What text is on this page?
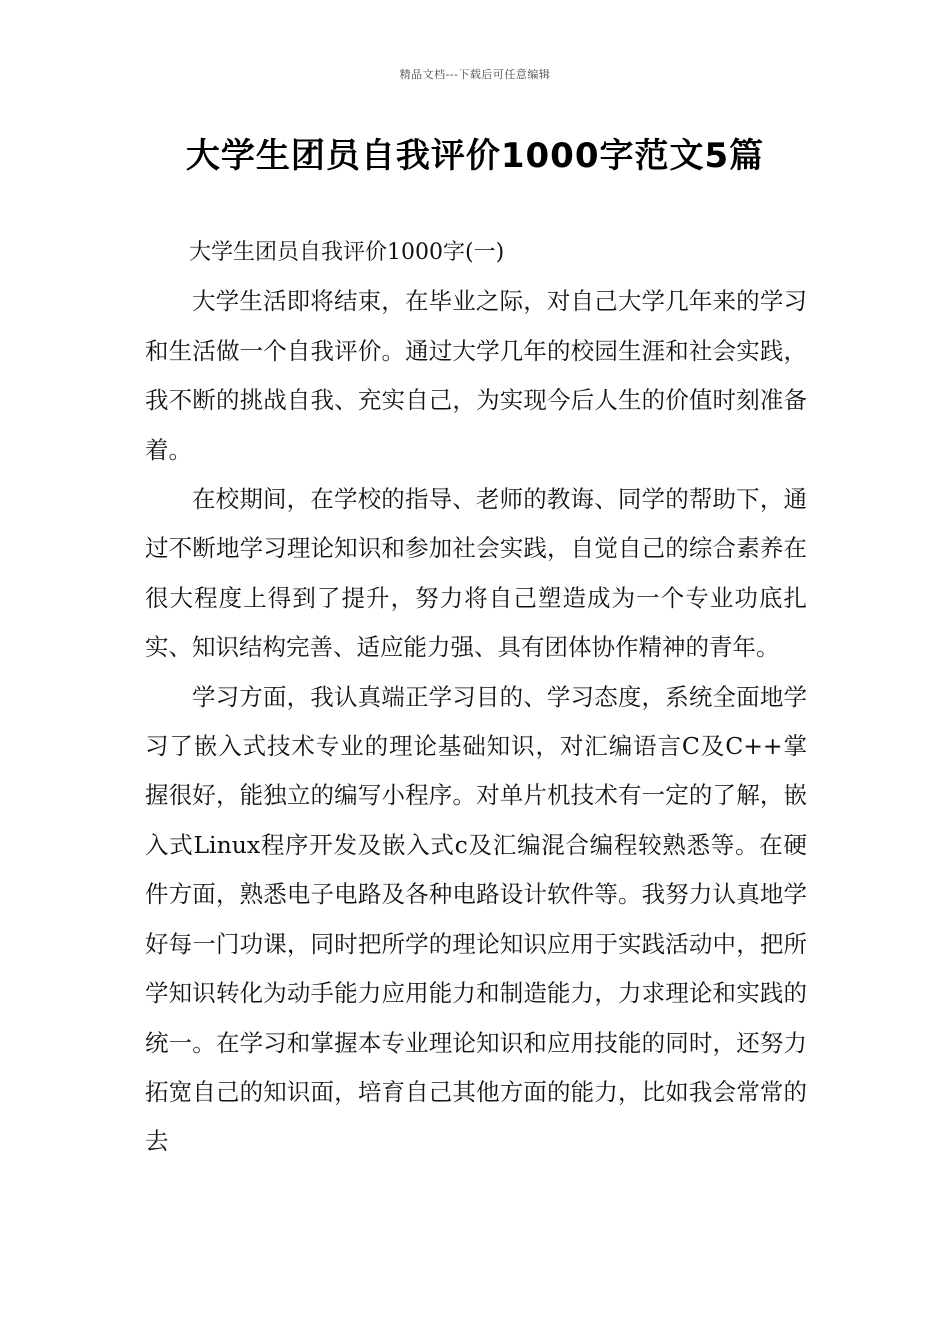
精品文档---下载后可任意编辑
大学生团员自我评价1000字范文5篇

大学生团员自我评价1000字(一)

大学生活即将结束，在毕业之际，对自己大学几年来的学习和生活做一个自我评价。通过大学几年的校园生涯和社会实践，我不断的挑战自我、充实自己，为实现今后人生的价值时刻准备着。

在校期间，在学校的指导、老师的教诲、同学的帮助下，通过不断地学习理论知识和参加社会实践，自觉自己的综合素养在很大程度上得到了提升，努力将自己塑造成为一个专业功底扎实、知识结构完善、适应能力强、具有团体协作精神的青年。

学习方面，我认真端正学习目的、学习态度，系统全面地学习了嵌入式技术专业的理论基础知识，对汇编语言C及C++掌握很好，能独立的编写小程序。对单片机技术有一定的了解，嵌入式Linux程序开发及嵌入式c及汇编混合编程较熟悉等。在硬件方面，熟悉电子电路及各种电路设计软件等。我努力认真地学好每一门功课，同时把所学的理论知识应用于实践活动中，把所学知识转化为动手能力应用能力和制造能力，力求理论和实践的统一。在学习和掌握本专业理论知识和应用技能的同时，还努力拓宽自己的知识面，培育自己其他方面的能力，比如我会常常的去
